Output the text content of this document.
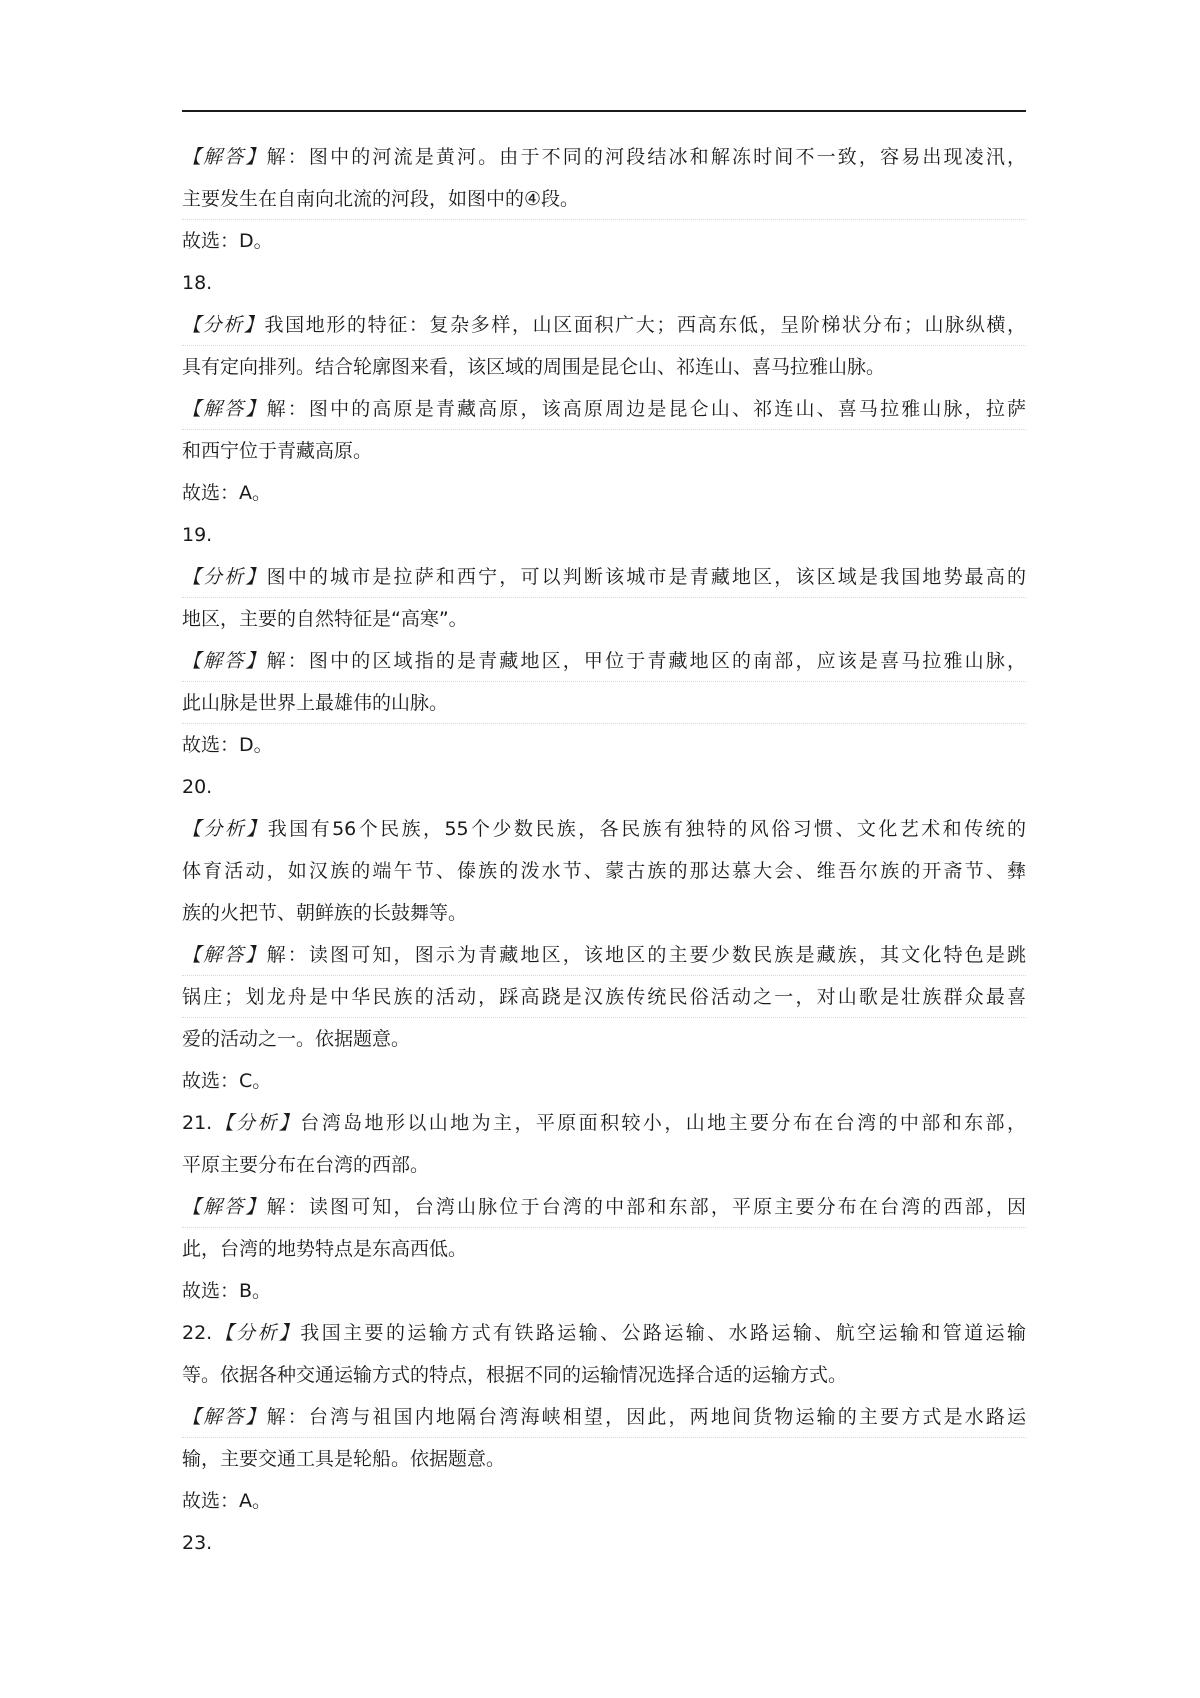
【解答】解：图中的河流是黄河。由于不同的河段结冰和解冻时间不一致，容易出现凌汛，
主要发生在自南向北流的河段，如图中的④段。
故选：D。
18.
【分析】我国地形的特征：复杂多样，山区面积广大；西高东低，呈阶梯状分布；山脉纵横，
具有定向排列。结合轮廓图来看，该区域的周围是昆仑山、祁连山、喜马拉雅山脉。
【解答】解：图中的高原是青藏高原，该高原周边是昆仑山、祁连山、喜马拉雅山脉，拉萨
和西宁位于青藏高原。
故选：A。
19.
【分析】图中的城市是拉萨和西宁，可以判断该城市是青藏地区，该区域是我国地势最高的
地区，主要的自然特征是“高寒”。
【解答】解：图中的区域指的是青藏地区，甲位于青藏地区的南部，应该是喜马拉雅山脉，
此山脉是世界上最雄伟的山脉。
故选：D。
20.
【分析】我国有56个民族，55个少数民族，各民族有独特的风俗习惯、文化艺术和传统的
体育活动，如汉族的端午节、傣族的泼水节、蒙古族的那达慕大会、维吾尔族的开斋节、彝
族的火把节、朝鲜族的长鼓舞等。
【解答】解：读图可知，图示为青藏地区，该地区的主要少数民族是藏族，其文化特色是跳
锅庄；划龙舟是中华民族的活动，踩高跷是汉族传统民俗活动之一，对山歌是壮族群众最喜
爱的活动之一。依据题意。
故选：C。
21.【分析】台湾岛地形以山地为主，平原面积较小，山地主要分布在台湾的中部和东部，
平原主要分布在台湾的西部。
【解答】解：读图可知，台湾山脉位于台湾的中部和东部，平原主要分布在台湾的西部，因
此，台湾的地势特点是东高西低。
故选：B。
22.【分析】我国主要的运输方式有铁路运输、公路运输、水路运输、航空运输和管道运输
等。依据各种交通运输方式的特点，根据不同的运输情况选择合适的运输方式。
【解答】解：台湾与祖国内地隔台湾海峡相望，因此，两地间货物运输的主要方式是水路运
输，主要交通工具是轮船。依据题意。
故选：A。
23.
